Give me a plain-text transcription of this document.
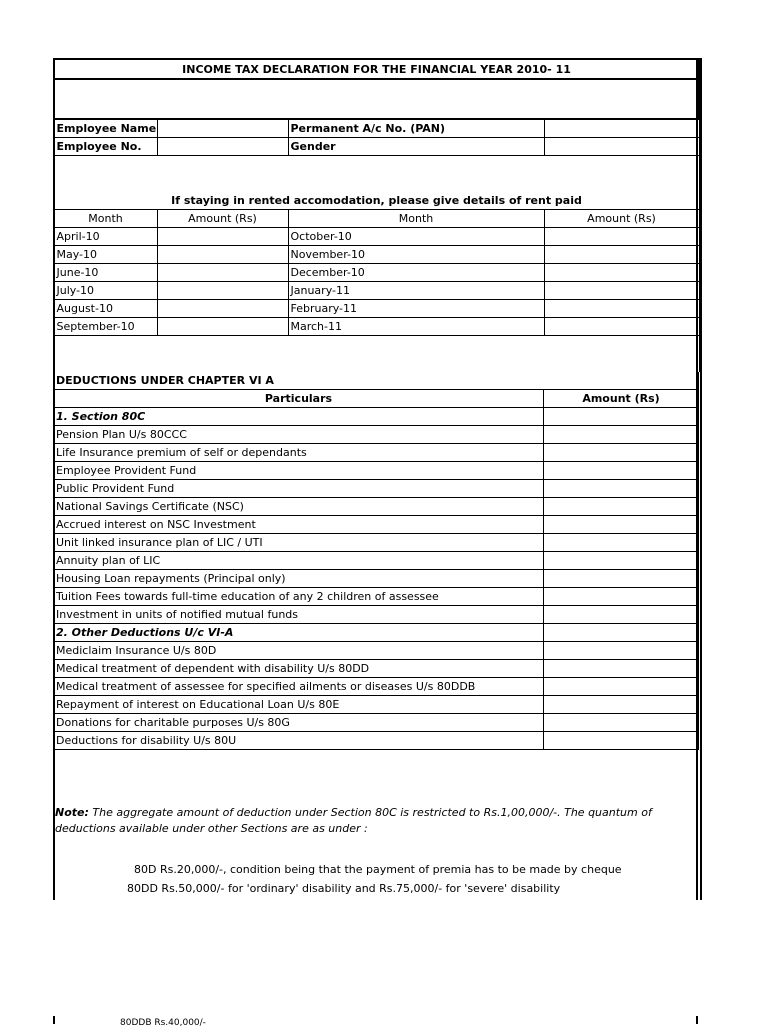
INCOME TAX DECLARATION FOR THE FINANCIAL YEAR 2010- 11			

Employee Name		Permanent A/c No. (PAN)	
Employee No.		Gender	

If staying in rented accomodation, please give details of rent paid			
Month	Amount (Rs)	Month	Amount (Rs)
April-10		October-10	
May-10		November-10	
June-10		December-10	
July-10		January-11	
August-10		February-11	
September-10		March-11	

DEDUCTIONS UNDER CHAPTER VI A	
Particulars	Amount (Rs)
1. Section 80C	
Pension Plan U/s 80CCC	
Life Insurance premium of self or dependants	
Employee Provident Fund	
Public Provident Fund	
National Savings Certificate (NSC)	
Accrued interest on NSC Investment	
Unit linked insurance plan of LIC / UTI	
Annuity plan of LIC	
Housing Loan repayments (Principal only)	
Tuition Fees towards full-time education of any 2 children of assessee	
Investment in units of notified mutual funds	
2. Other Deductions U/c VI-A	
Mediclaim Insurance U/s 80D	
Medical treatment of dependent with disability U/s 80DD	
Medical treatment of assessee for specified ailments or diseases U/s 80DDB	
Repayment of interest on Educational Loan U/s 80E	
Donations for charitable purposes U/s 80G	
Deductions for disability U/s 80U	
Note: The aggregate amount of deduction under Section 80C is restricted to Rs.1,00,000/-. The quantum of deductions available under other Sections are as under :
80D Rs.20,000/-, condition being that the payment of premia has to be made by cheque
80DD Rs.50,000/- for 'ordinary' disability and Rs.75,000/- for 'severe' disability
80DDB Rs.40,000/-
